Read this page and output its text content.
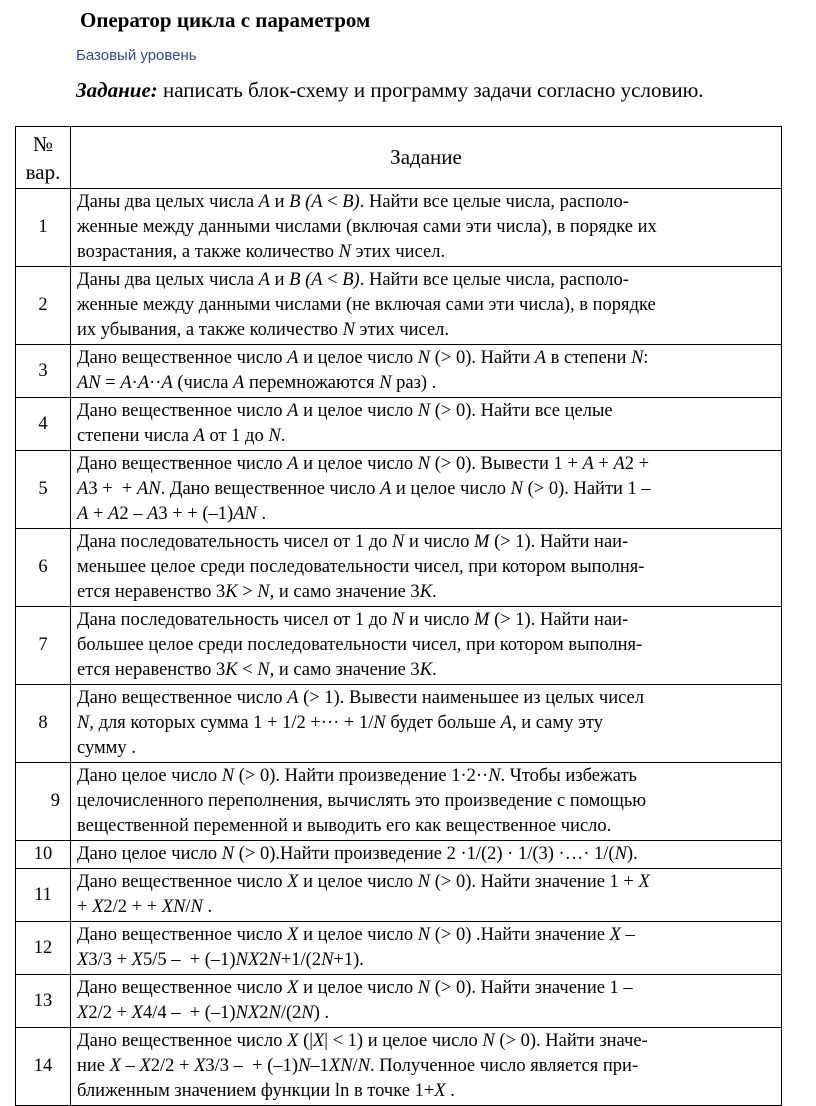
Оператор цикла с параметром
Базовый уровень
Задание: написать блок-схему и программу задачи согласно условию.
№ вар.	Задание
1	Даны два целых числа A и B (A < B). Найти все целые числа, располо-
женные между данными числами (включая сами эти числа), в порядке их
возрастания, а также количество N этих чисел.
2	Даны два целых числа A и B (A < B). Найти все целые числа, располо-
женные между данными числами (не включая сами эти числа), в порядке
их убывания, а также количество N этих чисел.
3	Дано вещественное число A и целое число N (> 0). Найти A в степени N:
AN = A·A··A (числа A перемножаются N раз) .
4	Дано вещественное число A и целое число N (> 0). Найти все целые
степени числа A от 1 до N.
5	Дано вещественное число A и целое число N (> 0). Вывести 1 + A + A2 +
A3 +  + AN. Дано вещественное число A и целое число N (> 0). Найти 1 –
A + A2 – A3 + + (–1)AN .
6	Дана последовательность чисел от 1 до N и число M (> 1). Найти наи-
меньшее целое среди последовательности чисел, при котором выполня-
ется неравенство 3K > N, и само значение 3K.
7	Дана последовательность чисел от 1 до N и число M (> 1). Найти наи-
большее целое среди последовательности чисел, при котором выполня-
ется неравенство 3K < N, и само значение 3K.
8	Дано вещественное число A (> 1). Вывести наименьшее из целых чисел
N, для которых сумма 1 + 1/2 +··· + 1/N будет больше A, и саму эту
сумму .
9	Дано целое число N (> 0). Найти произведение 1·2··N. Чтобы избежать
целочисленного переполнения, вычислять это произведение с помощью
вещественной переменной и выводить его как вещественное число.
10	Дано целое число N (> 0).Найти произведение 2 ·1/(2) · 1/(3) ·…· 1/(N).
11	Дано вещественное число X и целое число N (> 0). Найти значение 1 + X
+ X2/2 + + XN/N .
12	Дано вещественное число X и целое число N (> 0) .Найти значение X –
X3/3 + X5/5 –  + (–1)NX2N+1/(2N+1).
13	Дано вещественное число X и целое число N (> 0). Найти значение 1 –
X2/2 + X4/4 –  + (–1)NX2N/(2N) .
14	Дано вещественное число X (|X| < 1) и целое число N (> 0). Найти значе-
ние X – X2/2 + X3/3 –  + (–1)N–1XN/N. Полученное число является при-
ближенным значением функции ln в точке 1+X .
